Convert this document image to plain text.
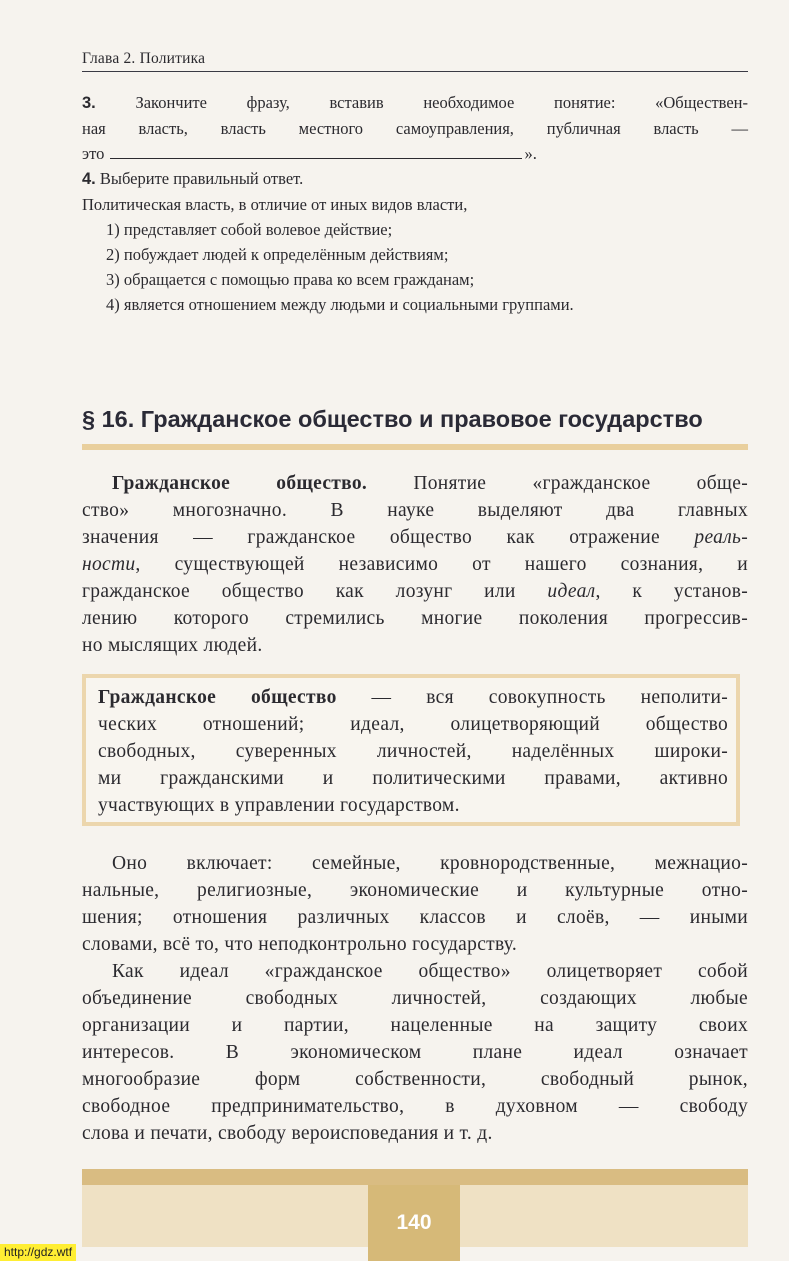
Глава 2. Политика
3. Закончите фразу, вставив необходимое понятие: «Обществен-
ная власть, власть местного самоуправления, публичная власть —
это	».
4. Выберите правильный ответ.
Политическая власть, в отличие от иных видов власти,
1) представляет собой волевое действие;
2) побуждает людей к определённым действиям;
3) обращается с помощью права ко всем гражданам;
4) является отношением между людьми и социальными группами.
§ 16. Гражданское общество и правовое государство
Гражданское общество. Понятие «гражданское обще-
ство» многозначно. В науке выделяют два главных
значения — гражданское общество как отражение реаль-
ности, существующей независимо от нашего сознания, и
гражданское общество как лозунг или идеал, к установ-
лению которого стремились многие поколения прогрессив-
но мыслящих людей.
Гражданское общество — вся совокупность неполити-
ческих отношений; идеал, олицетворяющий общество
свободных, суверенных личностей, наделённых широки-
ми гражданскими и политическими правами, активно
участвующих в управлении государством.
Оно включает: семейные, кровнородственные, межнацио-
нальные, религиозные, экономические и культурные отно-
шения; отношения различных классов и слоёв, — иными
словами, всё то, что неподконтрольно государству.
Как идеал «гражданское общество» олицетворяет собой
объединение свободных личностей, создающих любые
организации и партии, нацеленные на защиту своих
интересов. В экономическом плане идеал означает
многообразие форм собственности, свободный рынок,
свободное предпринимательство, в духовном — свободу
слова и печати, свободу вероисповедания и т. д.
140
http://gdz.wtf
